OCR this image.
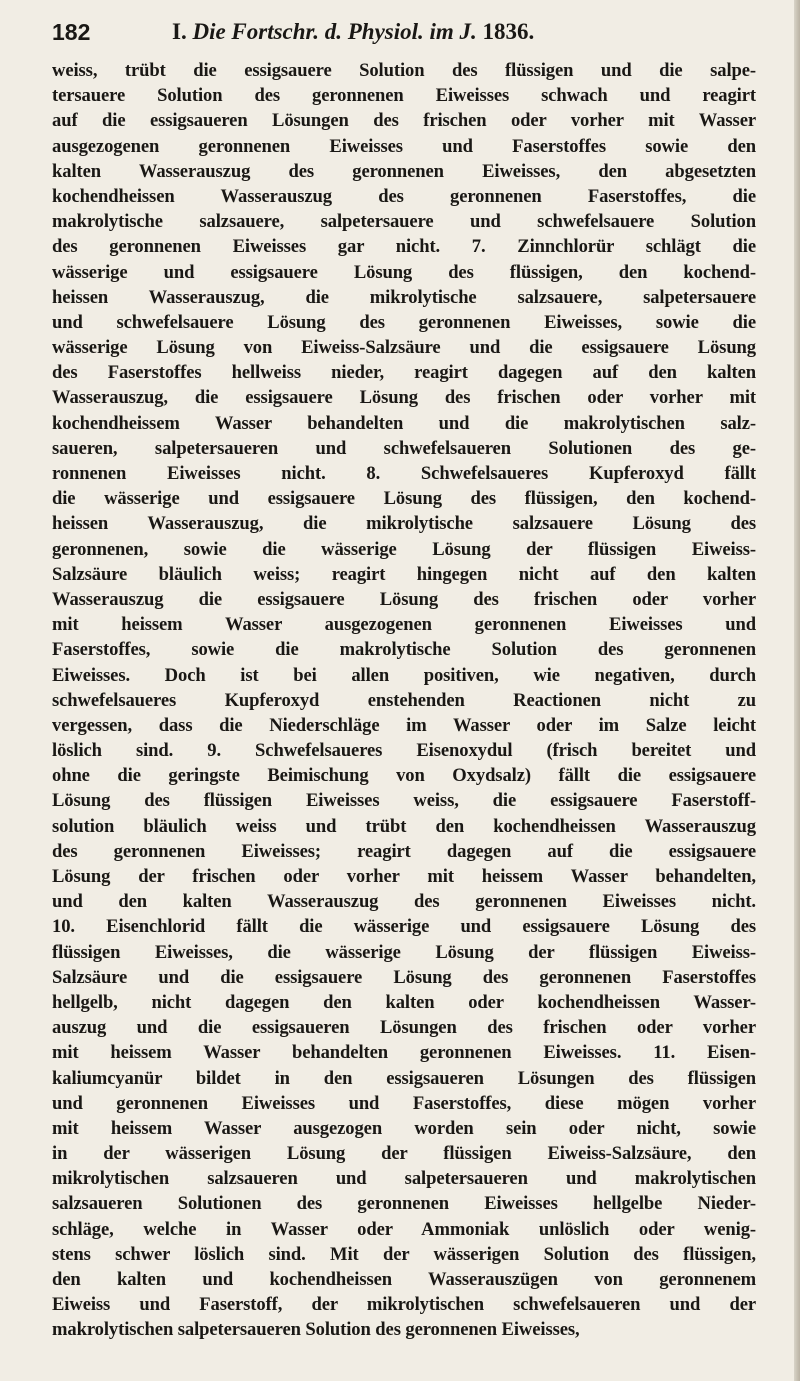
182	I. Die Fortschr. d. Physiol. im J. 1836.
weiss, trübt die essigsauere Solution des flüssigen und die salpe-
tersauere Solution des geronnenen Eiweisses schwach und reagirt
auf die essigsaueren Lösungen des frischen oder vorher mit Wasser
ausgezogenen geronnenen Eiweisses und Faserstoffes sowie den
kalten Wasserauszug des geronnenen Eiweisses, den abgesetzten
kochendheissen Wasserauszug des geronnenen Faserstoffes, die
makrolytische salzsauere, salpetersauere und schwefelsauere Solution
des geronnenen Eiweisses gar nicht. 7. Zinnchlorür schlägt die
wässerige und essigsauere Lösung des flüssigen, den kochend-
heissen Wasserauszug, die mikrolytische salzsauere, salpetersauere
und schwefelsauere Lösung des geronnenen Eiweisses, sowie die
wässerige Lösung von Eiweiss-Salzsäure und die essigsauere Lösung
des Faserstoffes hellweiss nieder, reagirt dagegen auf den kalten
Wasserauszug, die essigsauere Lösung des frischen oder vorher mit
kochendheissem Wasser behandelten und die makrolytischen salz-
saueren, salpetersaueren und schwefelsaueren Solutionen des ge-
ronnenen Eiweisses nicht. 8. Schwefelsaueres Kupferoxyd fällt
die wässerige und essigsauere Lösung des flüssigen, den kochend-
heissen Wasserauszug, die mikrolytische salzsauere Lösung des
geronnenen, sowie die wässerige Lösung der flüssigen Eiweiss-
Salzsäure bläulich weiss; reagirt hingegen nicht auf den kalten
Wasserauszug die essigsauere Lösung des frischen oder vorher
mit heissem Wasser ausgezogenen geronnenen Eiweisses und
Faserstoffes, sowie die makrolytische Solution des geronnenen
Eiweisses. Doch ist bei allen positiven, wie negativen, durch
schwefelsaueres Kupferoxyd enstehenden Reactionen nicht zu
vergessen, dass die Niederschläge im Wasser oder im Salze leicht
löslich sind. 9. Schwefelsaueres Eisenoxydul (frisch bereitet und
ohne die geringste Beimischung von Oxydsalz) fällt die essigsauere
Lösung des flüssigen Eiweisses weiss, die essigsauere Faserstoff-
solution bläulich weiss und trübt den kochendheissen Wasserauszug
des geronnenen Eiweisses; reagirt dagegen auf die essigsauere
Lösung der frischen oder vorher mit heissem Wasser behandelten,
und den kalten Wasserauszug des geronnenen Eiweisses nicht.
10. Eisenchlorid fällt die wässerige und essigsauere Lösung des
flüssigen Eiweisses, die wässerige Lösung der flüssigen Eiweiss-
Salzsäure und die essigsauere Lösung des geronnenen Faserstoffes
hellgelb, nicht dagegen den kalten oder kochendheissen Wasser-
auszug und die essigsaueren Lösungen des frischen oder vorher
mit heissem Wasser behandelten geronnenen Eiweisses. 11. Eisen-
kaliumcyanür bildet in den essigsaueren Lösungen des flüssigen
und geronnenen Eiweisses und Faserstoffes, diese mögen vorher
mit heissem Wasser ausgezogen worden sein oder nicht, sowie
in der wässerigen Lösung der flüssigen Eiweiss-Salzsäure, den
mikrolytischen salzsaueren und salpetersaueren und makrolytischen
salzsaueren Solutionen des geronnenen Eiweisses hellgelbe Nieder-
schläge, welche in Wasser oder Ammoniak unlöslich oder wenig-
stens schwer löslich sind. Mit der wässerigen Solution des flüssigen,
den kalten und kochendheissen Wasserauszügen von geronnenem
Eiweiss und Faserstoff, der mikrolytischen schwefelsaueren und der
makrolytischen salpetersaueren Solution des geronnenen Eiweisses,
